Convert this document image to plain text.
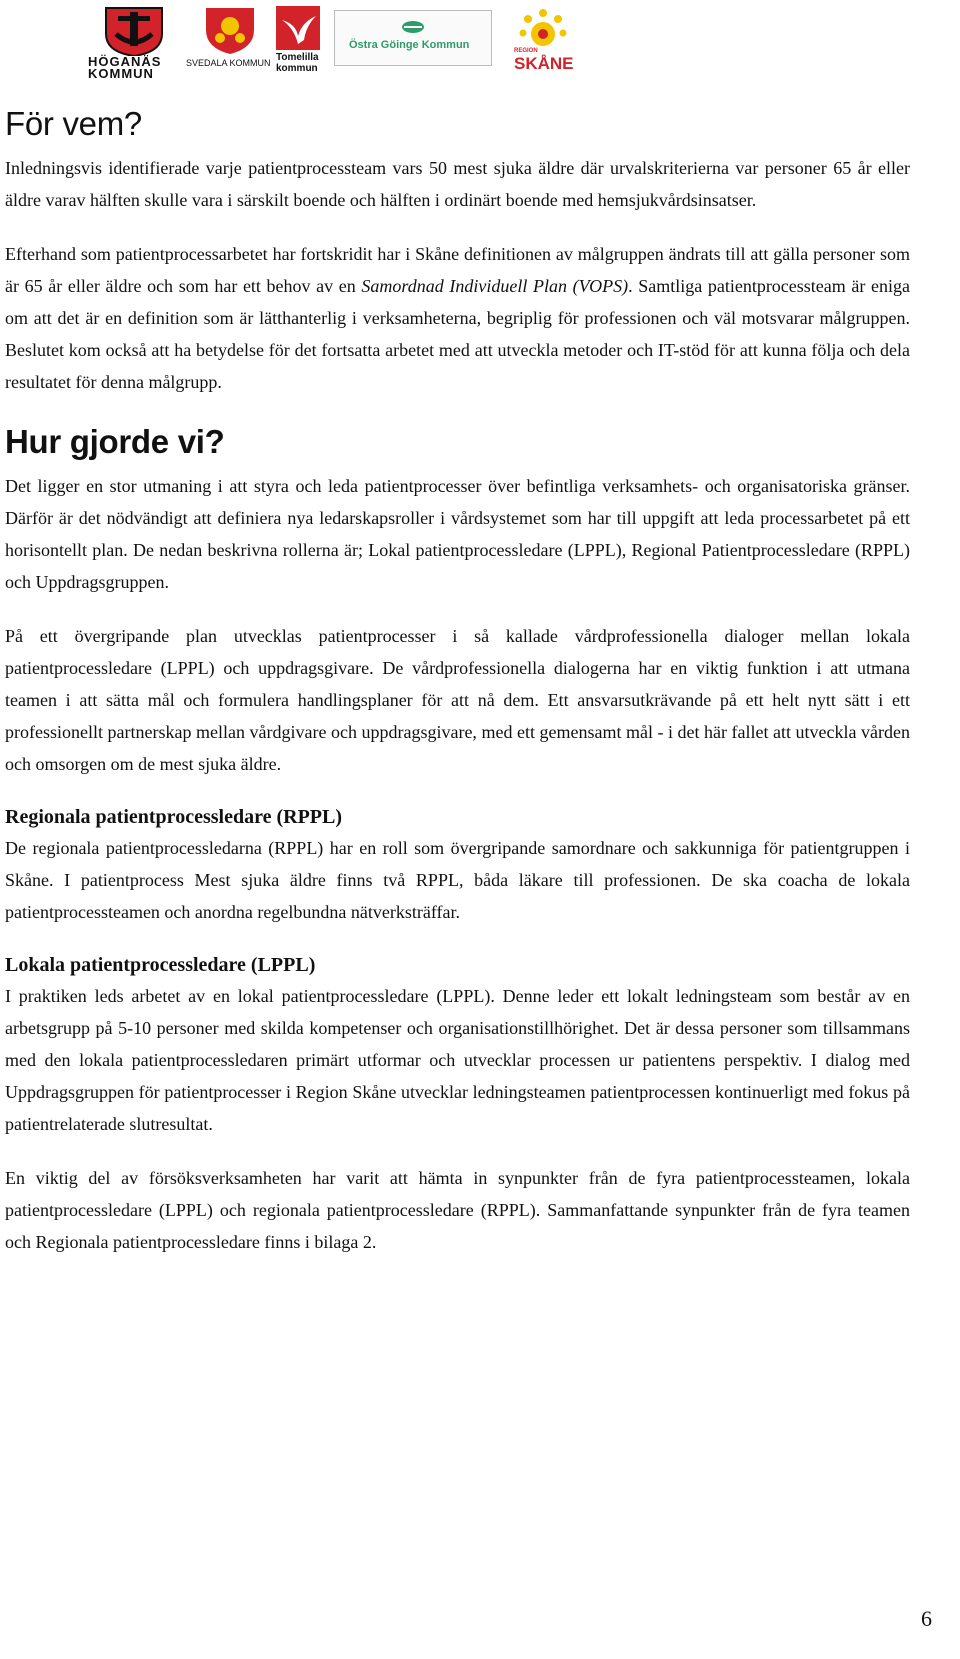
HÖGANÄS
KOMMUN
SVEDALA KOMMUN Tomelilla
kommun
Östra Göinge Kommun	REGION
SKÅNE
För vem?

Inledningsvis identifierade varje patientprocessteam vars 50 mest sjuka äldre där urvalskriterierna var personer 65 år eller äldre varav hälften skulle vara i särskilt boende och hälften i ordinärt boende med hemsjukvårdsinsatser.

Efterhand som patientprocessarbetet har fortskridit har i Skåne definitionen av målgruppen ändrats till att gälla personer som är 65 år eller äldre och som har ett behov av en Samordnad Individuell Plan (VOPS). Samtliga patientprocessteam är eniga om att det är en definition som är lätthanterlig i verksamheterna, begriplig för professionen och väl motsvarar målgruppen. Beslutet kom också att ha betydelse för det fortsatta arbetet med att utveckla metoder och IT-stöd för att kunna följa och dela resultatet för denna målgrupp.

Hur gjorde vi?

Det ligger en stor utmaning i att styra och leda patientprocesser över befintliga verksamhets- och organisatoriska gränser. Därför är det nödvändigt att definiera nya ledarskapsroller i vårdsystemet som har till uppgift att leda processarbetet på ett horisontellt plan. De nedan beskrivna rollerna är; Lokal patientprocessledare (LPPL), Regional Patientprocessledare (RPPL) och Uppdragsgruppen.

På ett övergripande plan utvecklas patientprocesser i så kallade vårdprofessionella dialoger mellan lokala patientprocessledare (LPPL) och uppdragsgivare. De vårdprofessionella dialogerna har en viktig funktion i att utmana teamen i att sätta mål och formulera handlingsplaner för att nå dem. Ett ansvarsutkrävande på ett helt nytt sätt i ett professionellt partnerskap mellan vårdgivare och uppdragsgivare, med ett gemensamt mål - i det här fallet att utveckla vården och omsorgen om de mest sjuka äldre.

Regionala patientprocessledare (RPPL)

De regionala patientprocessledarna (RPPL) har en roll som övergripande samordnare och sakkunniga för patientgruppen i Skåne. I patientprocess Mest sjuka äldre finns två RPPL, båda läkare till professionen. De ska coacha de lokala patientprocessteamen och anordna regelbundna nätverksträffar.

Lokala patientprocessledare (LPPL)

I praktiken leds arbetet av en lokal patientprocessledare (LPPL). Denne leder ett lokalt ledningsteam som består av en arbetsgrupp på 5-10 personer med skilda kompetenser och organisationstillhörighet. Det är dessa personer som tillsammans med den lokala patientprocessledaren primärt utformar och utvecklar processen ur patientens perspektiv. I dialog med Uppdragsgruppen för patientprocesser i Region Skåne utvecklar ledningsteamen patientprocessen kontinuerligt med fokus på patientrelaterade slutresultat.

En viktig del av försöksverksamheten har varit att hämta in synpunkter från de fyra patientprocessteamen, lokala patientprocessledare (LPPL) och regionala patientprocessledare (RPPL). Sammanfattande synpunkter från de fyra teamen och Regionala patientprocessledare finns i bilaga 2.

6
